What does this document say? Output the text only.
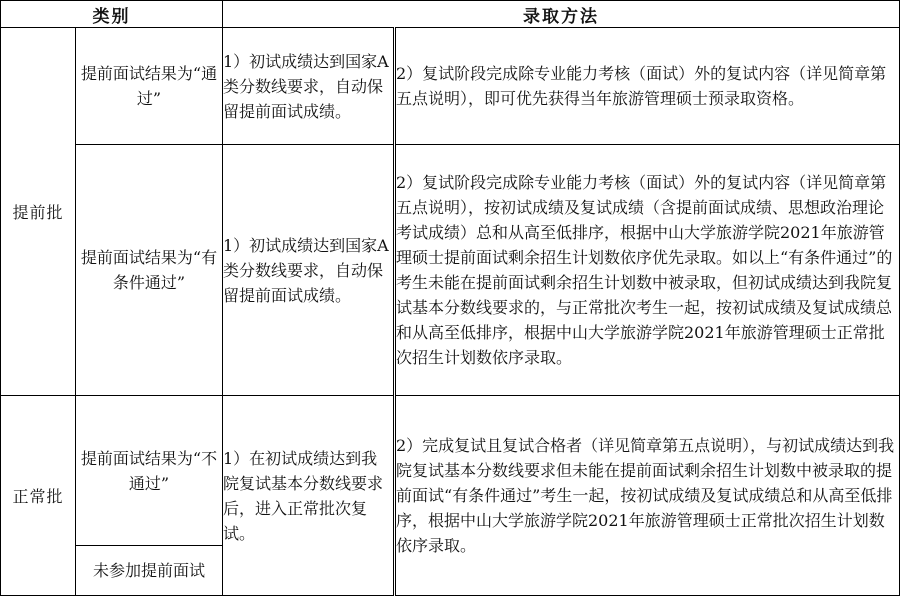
类别		录取方法	
提前批	提前面试结果为“通过”	1）初试成绩达到国家A类分数线要求，自动保留提前面试成绩。	2）复试阶段完成除专业能力考核（面试）外的复试内容（详见简章第五点说明），即可优先获得当年旅游管理硕士预录取资格。

	提前面试结果为“有条件通过”	1）初试成绩达到国家A类分数线要求，自动保留提前面试成绩。	2）复试阶段完成除专业能力考核（面试）外的复试内容（详见简章第五点说明），按初试成绩及复试成绩（含提前面试成绩、思想政治理论考试成绩）总和从高至低排序，根据中山大学旅游学院2021年旅游管理硕士提前面试剩余招生计划数依序优先录取。如以上“有条件通过”的考生未能在提前面试剩余招生计划数中被录取，但初试成绩达到我院复试基本分数线要求的，与正常批次考生一起，按初试成绩及复试成绩总和从高至低排序，根据中山大学旅游学院2021年旅游管理硕士正常批次招生计划数依序录取。
正常批	提前面试结果为“不通过”	1）在初试成绩达到我院复试基本分数线要求后，进入正常批次复试。	2）完成复试且复试合格者（详见简章第五点说明），与初试成绩达到我院复试基本分数线要求但未能在提前面试剩余招生计划数中被录取的提前面试“有条件通过”考生一起，按初试成绩及复试成绩总和从高至低排序，根据中山大学旅游学院2021年旅游管理硕士正常批次招生计划数依序录取。
	未参加提前面试		
